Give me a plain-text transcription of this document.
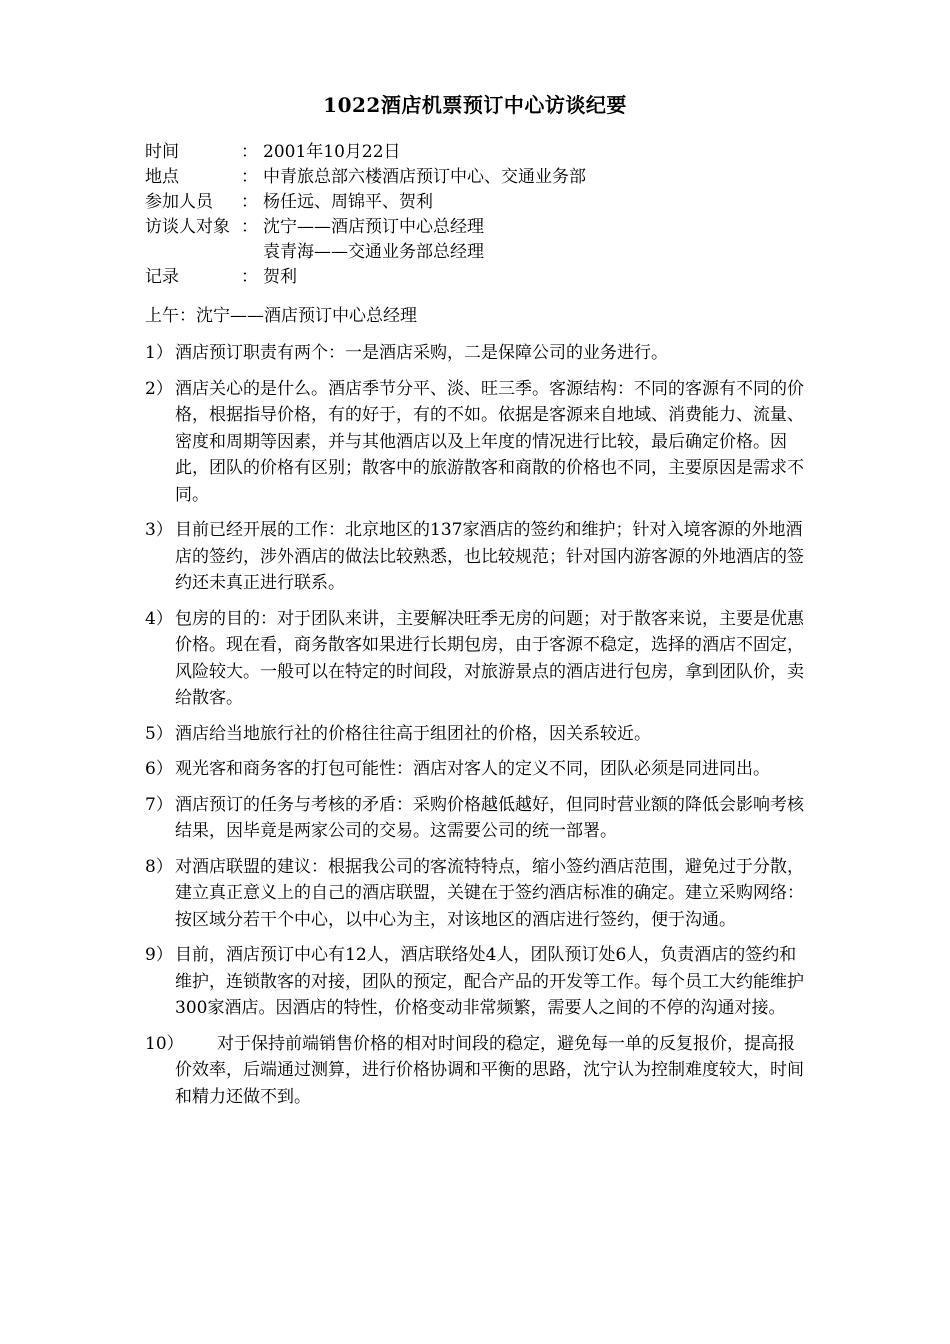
1022酒店机票预订中心访谈纪要
时间	： 2001年10月22日
地点	： 中青旅总部六楼酒店预订中心、交通业务部
参加人员	： 杨任远、周锦平、贺利
访谈人对象 ： 沈宁——酒店预订中心总经理
袁青海——交通业务部总经理
记录	： 贺利
上午：沈宁——酒店预订中心总经理
1） 酒店预订职责有两个：一是酒店采购，二是保障公司的业务进行。
2） 酒店关心的是什么。酒店季节分平、淡、旺三季。客源结构：不同的客源有不同的价格，根据指导价格，有的好于，有的不如。依据是客源来自地域、消费能力、流量、密度和周期等因素，并与其他酒店以及上年度的情况进行比较，最后确定价格。因此，团队的价格有区别；散客中的旅游散客和商散的价格也不同，主要原因是需求不同。
3） 目前已经开展的工作：北京地区的137家酒店的签约和维护；针对入境客源的外地酒店的签约，涉外酒店的做法比较熟悉，也比较规范；针对国内游客源的外地酒店的签约还未真正进行联系。
4） 包房的目的：对于团队来讲，主要解决旺季无房的问题；对于散客来说，主要是优惠价格。现在看，商务散客如果进行长期包房，由于客源不稳定，选择的酒店不固定，风险较大。一般可以在特定的时间段，对旅游景点的酒店进行包房，拿到团队价，卖给散客。
5） 酒店给当地旅行社的价格往往高于组团社的价格，因关系较近。
6） 观光客和商务客的打包可能性：酒店对客人的定义不同，团队必须是同进同出。
7） 酒店预订的任务与考核的矛盾：采购价格越低越好，但同时营业额的降低会影响考核结果，因毕竟是两家公司的交易。这需要公司的统一部署。
8） 对酒店联盟的建议：根据我公司的客流特特点，缩小签约酒店范围，避免过于分散，建立真正意义上的自己的酒店联盟，关键在于签约酒店标准的确定。建立采购网络：按区域分若干个中心，以中心为主，对该地区的酒店进行签约，便于沟通。
9） 目前，酒店预订中心有12人，酒店联络处4人，团队预订处6人，负责酒店的签约和维护，连锁散客的对接，团队的预定，配合产品的开发等工作。每个员工大约能维护300家酒店。因酒店的特性，价格变动非常频繁，需要人之间的不停的沟通对接。
10）	对于保持前端销售价格的相对时间段的稳定，避免每一单的反复报价，提高报价效率，后端通过测算，进行价格协调和平衡的思路，沈宁认为控制难度较大，时间和精力还做不到。
